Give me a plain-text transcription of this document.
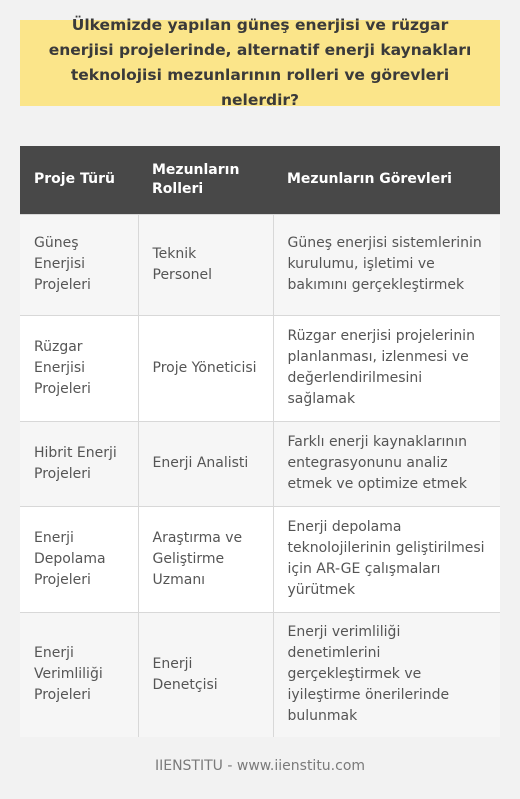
Ülkemizde yapılan güneş enerjisi ve rüzgar enerjisi projelerinde, alternatif enerji kaynakları teknolojisi mezunlarının rolleri ve görevleri nelerdir?
Proje Türü	Mezunların Rolleri	Mezunların Görevleri
Güneş Enerjisi Projeleri	Teknik Personel	Güneş enerjisi sistemlerinin kurulumu, işletimi ve bakımını gerçekleştirmek
Rüzgar Enerjisi Projeleri	Proje Yöneticisi	Rüzgar enerjisi projelerinin planlanması, izlenmesi ve değerlendirilmesini sağlamak
Hibrit Enerji Projeleri	Enerji Analisti	Farklı enerji kaynaklarının entegrasyonunu analiz etmek ve optimize etmek
Enerji Depolama Projeleri	Araştırma ve Geliştirme Uzmanı	Enerji depolama teknolojilerinin geliştirilmesi için AR-GE çalışmaları yürütmek
Enerji Verimliliği Projeleri	Enerji Denetçisi	Enerji verimliliği denetimlerini gerçekleştirmek ve iyileştirme önerilerinde bulunmak
IIENSTITU - www.iienstitu.com
